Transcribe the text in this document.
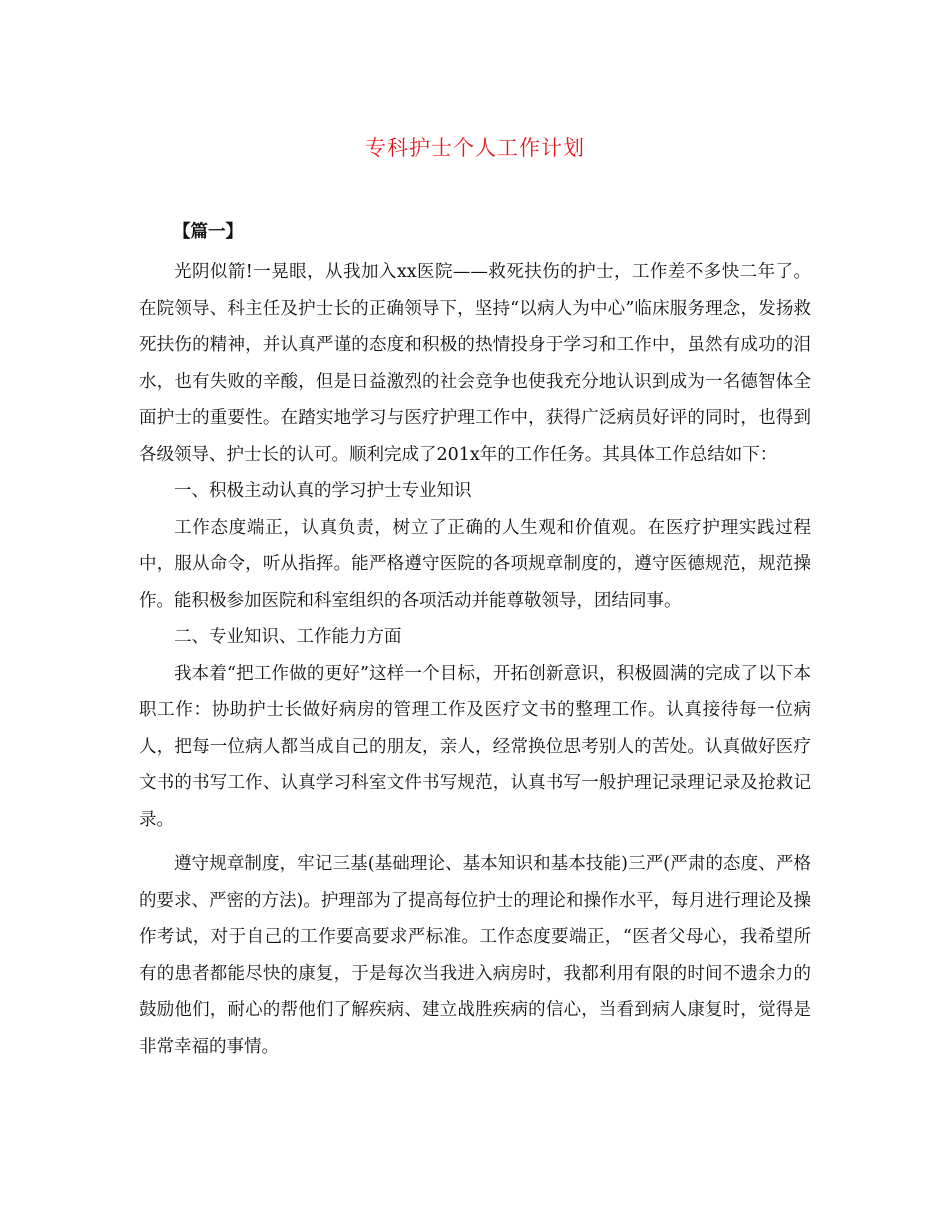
专科护士个人工作计划
【篇一】

光阴似箭!一晃眼，从我加入xx医院——救死扶伤的护士，工作差不多快二年了。在院领导、科主任及护士长的正确领导下，坚持“以病人为中心”临床服务理念，发扬救死扶伤的精神，并认真严谨的态度和积极的热情投身于学习和工作中，虽然有成功的泪水，也有失败的辛酸，但是日益激烈的社会竞争也使我充分地认识到成为一名德智体全面护士的重要性。在踏实地学习与医疗护理工作中，获得广泛病员好评的同时，也得到各级领导、护士长的认可。顺利完成了201x年的工作任务。其具体工作总结如下：

一、积极主动认真的学习护士专业知识

工作态度端正，认真负责，树立了正确的人生观和价值观。在医疗护理实践过程中，服从命令，听从指挥。能严格遵守医院的各项规章制度的，遵守医德规范，规范操作。能积极参加医院和科室组织的各项活动并能尊敬领导，团结同事。

二、专业知识、工作能力方面

我本着“把工作做的更好”这样一个目标，开拓创新意识，积极圆满的完成了以下本职工作：协助护士长做好病房的管理工作及医疗文书的整理工作。认真接待每一位病人，把每一位病人都当成自己的朋友，亲人，经常换位思考别人的苦处。认真做好医疗文书的书写工作、认真学习科室文件书写规范，认真书写一般护理记录理记录及抢救记录。

遵守规章制度，牢记三基(基础理论、基本知识和基本技能)三严(严肃的态度、严格的要求、严密的方法)。护理部为了提高每位护士的理论和操作水平，每月进行理论及操作考试，对于自己的工作要高要求严标准。工作态度要端正，“医者父母心，我希望所有的患者都能尽快的康复，于是每次当我进入病房时，我都利用有限的时间不遗余力的鼓励他们，耐心的帮他们了解疾病、建立战胜疾病的信心，当看到病人康复时，觉得是非常幸福的事情。
